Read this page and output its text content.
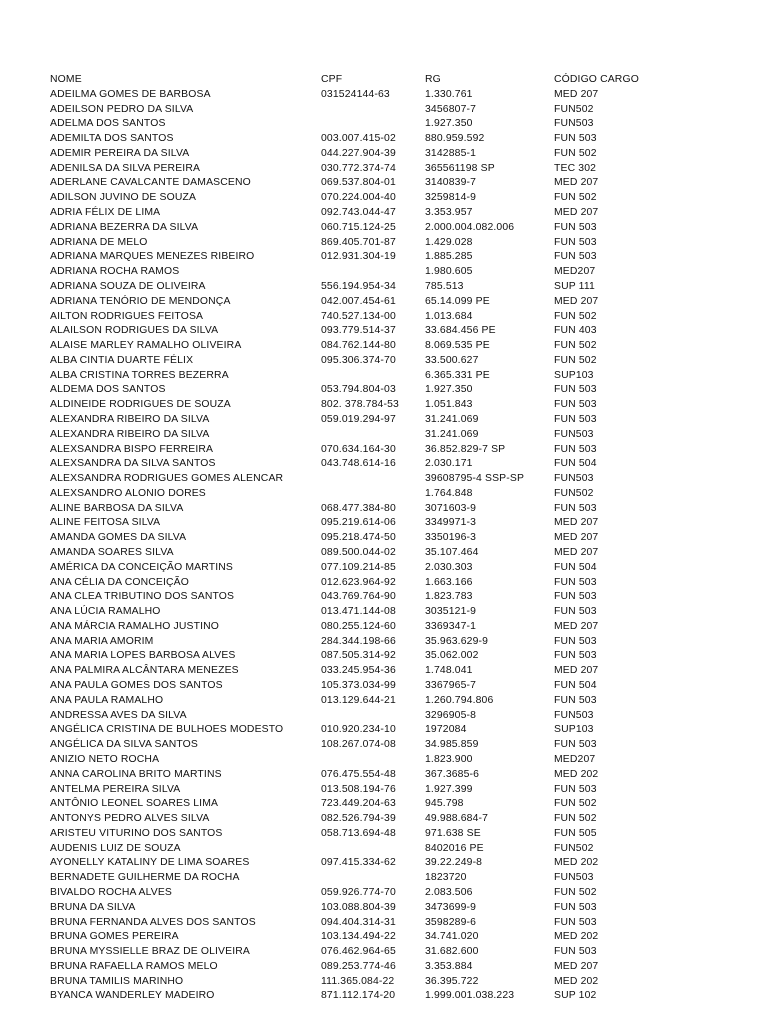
NOME	CPF	RG	CÓDIGO CARGO
ADEILMA GOMES DE BARBOSA	031524144-63	1.330.761	MED 207
ADEILSON PEDRO DA SILVA		3456807-7	FUN502
ADELMA DOS SANTOS		1.927.350	FUN503
ADEMILTA DOS SANTOS	003.007.415-02	880.959.592	FUN 503
ADEMIR PEREIRA DA SILVA	044.227.904-39	3142885-1	FUN 502
ADENILSA DA SILVA PEREIRA	030.772.374-74	365561198 SP	TEC 302
ADERLANE CAVALCANTE DAMASCENO	069.537.804-01	3140839-7	MED 207
ADILSON JUVINO DE SOUZA	070.224.004-40	3259814-9	FUN 502
ADRIA FÉLIX DE LIMA	092.743.044-47	3.353.957	MED 207
ADRIANA BEZERRA DA SILVA	060.715.124-25	2.000.004.082.006	FUN 503
ADRIANA DE MELO	869.405.701-87	1.429.028	FUN 503
ADRIANA MARQUES MENEZES RIBEIRO	012.931.304-19	1.885.285	FUN 503
ADRIANA ROCHA RAMOS		1.980.605	MED207
ADRIANA SOUZA DE OLIVEIRA	556.194.954-34	785.513	SUP 111
ADRIANA TENÓRIO DE MENDONÇA	042.007.454-61	65.14.099 PE	MED 207
AILTON RODRIGUES FEITOSA	740.527.134-00	1.013.684	FUN 502
ALAILSON RODRIGUES DA SILVA	093.779.514-37	33.684.456 PE	FUN 403
ALAISE MARLEY RAMALHO OLIVEIRA	084.762.144-80	8.069.535 PE	FUN 502
ALBA CINTIA DUARTE FÉLIX	095.306.374-70	33.500.627	FUN 502
ALBA CRISTINA TORRES BEZERRA		6.365.331 PE	SUP103
ALDEMA DOS SANTOS	053.794.804-03	1.927.350	FUN 503
ALDINEIDE RODRIGUES DE SOUZA	802. 378.784-53	1.051.843	FUN 503
ALEXANDRA RIBEIRO DA SILVA	059.019.294-97	31.241.069	FUN 503
ALEXANDRA RIBEIRO DA SILVA		31.241.069	FUN503
ALEXSANDRA BISPO FERREIRA	070.634.164-30	36.852.829-7 SP	FUN 503
ALEXSANDRA DA SILVA SANTOS	043.748.614-16	2.030.171	FUN 504
ALEXSANDRA RODRIGUES GOMES ALENCAR		39608795-4 SSP-SP	FUN503
ALEXSANDRO ALONIO DORES		1.764.848	FUN502
ALINE BARBOSA DA SILVA	068.477.384-80	3071603-9	FUN 503
ALINE FEITOSA SILVA	095.219.614-06	3349971-3	MED 207
AMANDA GOMES DA SILVA	095.218.474-50	3350196-3	MED 207
AMANDA SOARES SILVA	089.500.044-02	35.107.464	MED 207
AMÉRICA DA CONCEIÇÃO MARTINS	077.109.214-85	2.030.303	FUN 504
ANA CÉLIA DA CONCEIÇÃO	012.623.964-92	1.663.166	FUN 503
ANA CLEA TRIBUTINO DOS SANTOS	043.769.764-90	1.823.783	FUN 503
ANA LÚCIA RAMALHO	013.471.144-08	3035121-9	FUN 503
ANA MÁRCIA RAMALHO JUSTINO	080.255.124-60	3369347-1	MED 207
ANA MARIA AMORIM	284.344.198-66	35.963.629-9	FUN 503
ANA MARIA LOPES BARBOSA ALVES	087.505.314-92	35.062.002	FUN 503
ANA PALMIRA ALCÂNTARA MENEZES	033.245.954-36	1.748.041	MED 207
ANA PAULA GOMES DOS SANTOS	105.373.034-99	3367965-7	FUN 504
ANA PAULA RAMALHO	013.129.644-21	1.260.794.806	FUN 503
ANDRESSA AVES DA SILVA		3296905-8	FUN503
ANGÉLICA CRISTINA DE BULHOES MODESTO	010.920.234-10	1972084	SUP103
ANGÉLICA DA SILVA SANTOS	108.267.074-08	34.985.859	FUN 503
ANIZIO NETO ROCHA		1.823.900	MED207
ANNA CAROLINA BRITO MARTINS	076.475.554-48	367.3685-6	MED 202
ANTELMA PEREIRA SILVA	013.508.194-76	1.927.399	FUN 503
ANTÔNIO LEONEL SOARES LIMA	723.449.204-63	945.798	FUN 502
ANTONYS PEDRO ALVES SILVA	082.526.794-39	49.988.684-7	FUN 502
ARISTEU VITURINO DOS SANTOS	058.713.694-48	971.638 SE	FUN 505
AUDENIS LUIZ DE SOUZA		8402016 PE	FUN502
AYONELLY KATALINY DE LIMA SOARES	097.415.334-62	39.22.249-8	MED 202
BERNADETE GUILHERME DA ROCHA		1823720	FUN503
BIVALDO ROCHA ALVES	059.926.774-70	2.083.506	FUN 502
BRUNA DA SILVA	103.088.804-39	3473699-9	FUN 503
BRUNA FERNANDA ALVES DOS SANTOS	094.404.314-31	3598289-6	FUN 503
BRUNA GOMES PEREIRA	103.134.494-22	34.741.020	MED 202
BRUNA MYSSIELLE BRAZ DE OLIVEIRA	076.462.964-65	31.682.600	FUN 503
BRUNA RAFAELLA RAMOS MELO	089.253.774-46	3.353.884	MED 207
BRUNA TAMILIS MARINHO	111.365.084-22	36.395.722	MED 202
BYANCA WANDERLEY MADEIRO	871.112.174-20	1.999.001.038.223	SUP 102
